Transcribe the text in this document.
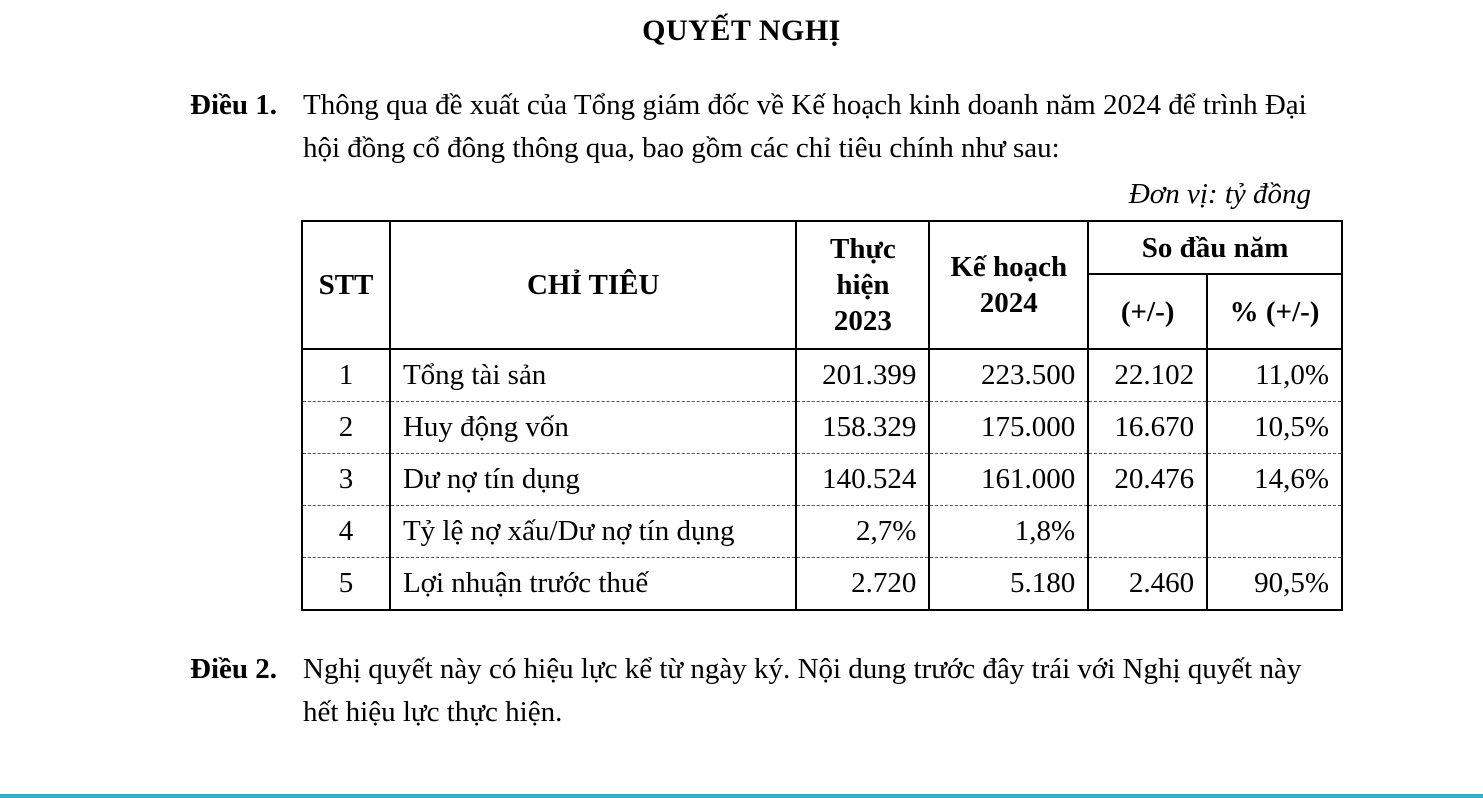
QUYẾT NGHỊ
Điều 1. Thông qua đề xuất của Tổng giám đốc về Kế hoạch kinh doanh năm 2024 để trình Đại hội đồng cổ đông thông qua, bao gồm các chỉ tiêu chính như sau:
Đơn vị: tỷ đồng
STT	CHỈ TIÊU	Thực hiện 2023	Kế hoạch 2024	So đầu năm	
				(+/-)	% (+/-)
1	Tổng tài sản	201.399	223.500	22.102	11,0%
2	Huy động vốn	158.329	175.000	16.670	10,5%
3	Dư nợ tín dụng	140.524	161.000	20.476	14,6%
4	Tỷ lệ nợ xấu/Dư nợ tín dụng	2,7%	1,8%		
5	Lợi nhuận trước thuế	2.720	5.180	2.460	90,5%
Điều 2. Nghị quyết này có hiệu lực kể từ ngày ký. Nội dung trước đây trái với Nghị quyết này hết hiệu lực thực hiện.
